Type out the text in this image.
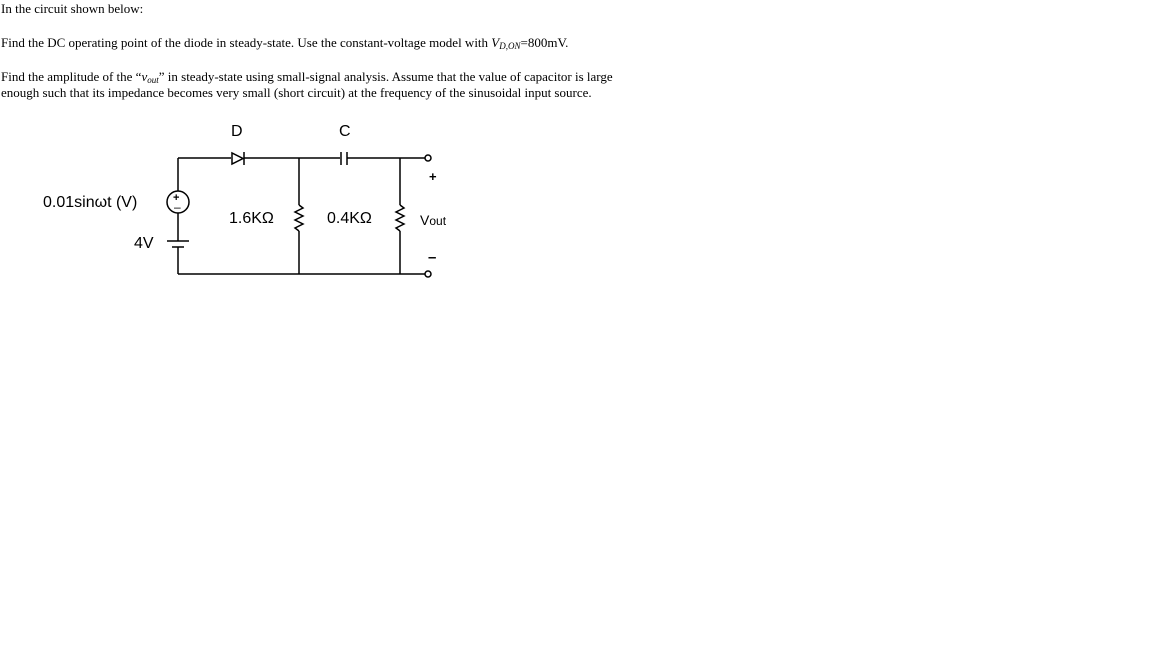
In the circuit shown below:

Find the DC operating point of the diode in steady-state. Use the constant-voltage model with $V_{D,ON}=800mV$.

Find the amplitude of the “$v_{out}$” in steady-state using small-signal analysis. Assume that the value of capacitor is large enough such that its impedance becomes very small (short circuit) at the frequency of the sinusoidal input source.

D	C
0.01sinωt (V)	+
–
4V
1.6KΩ	0.4KΩ
+
Vout
–
